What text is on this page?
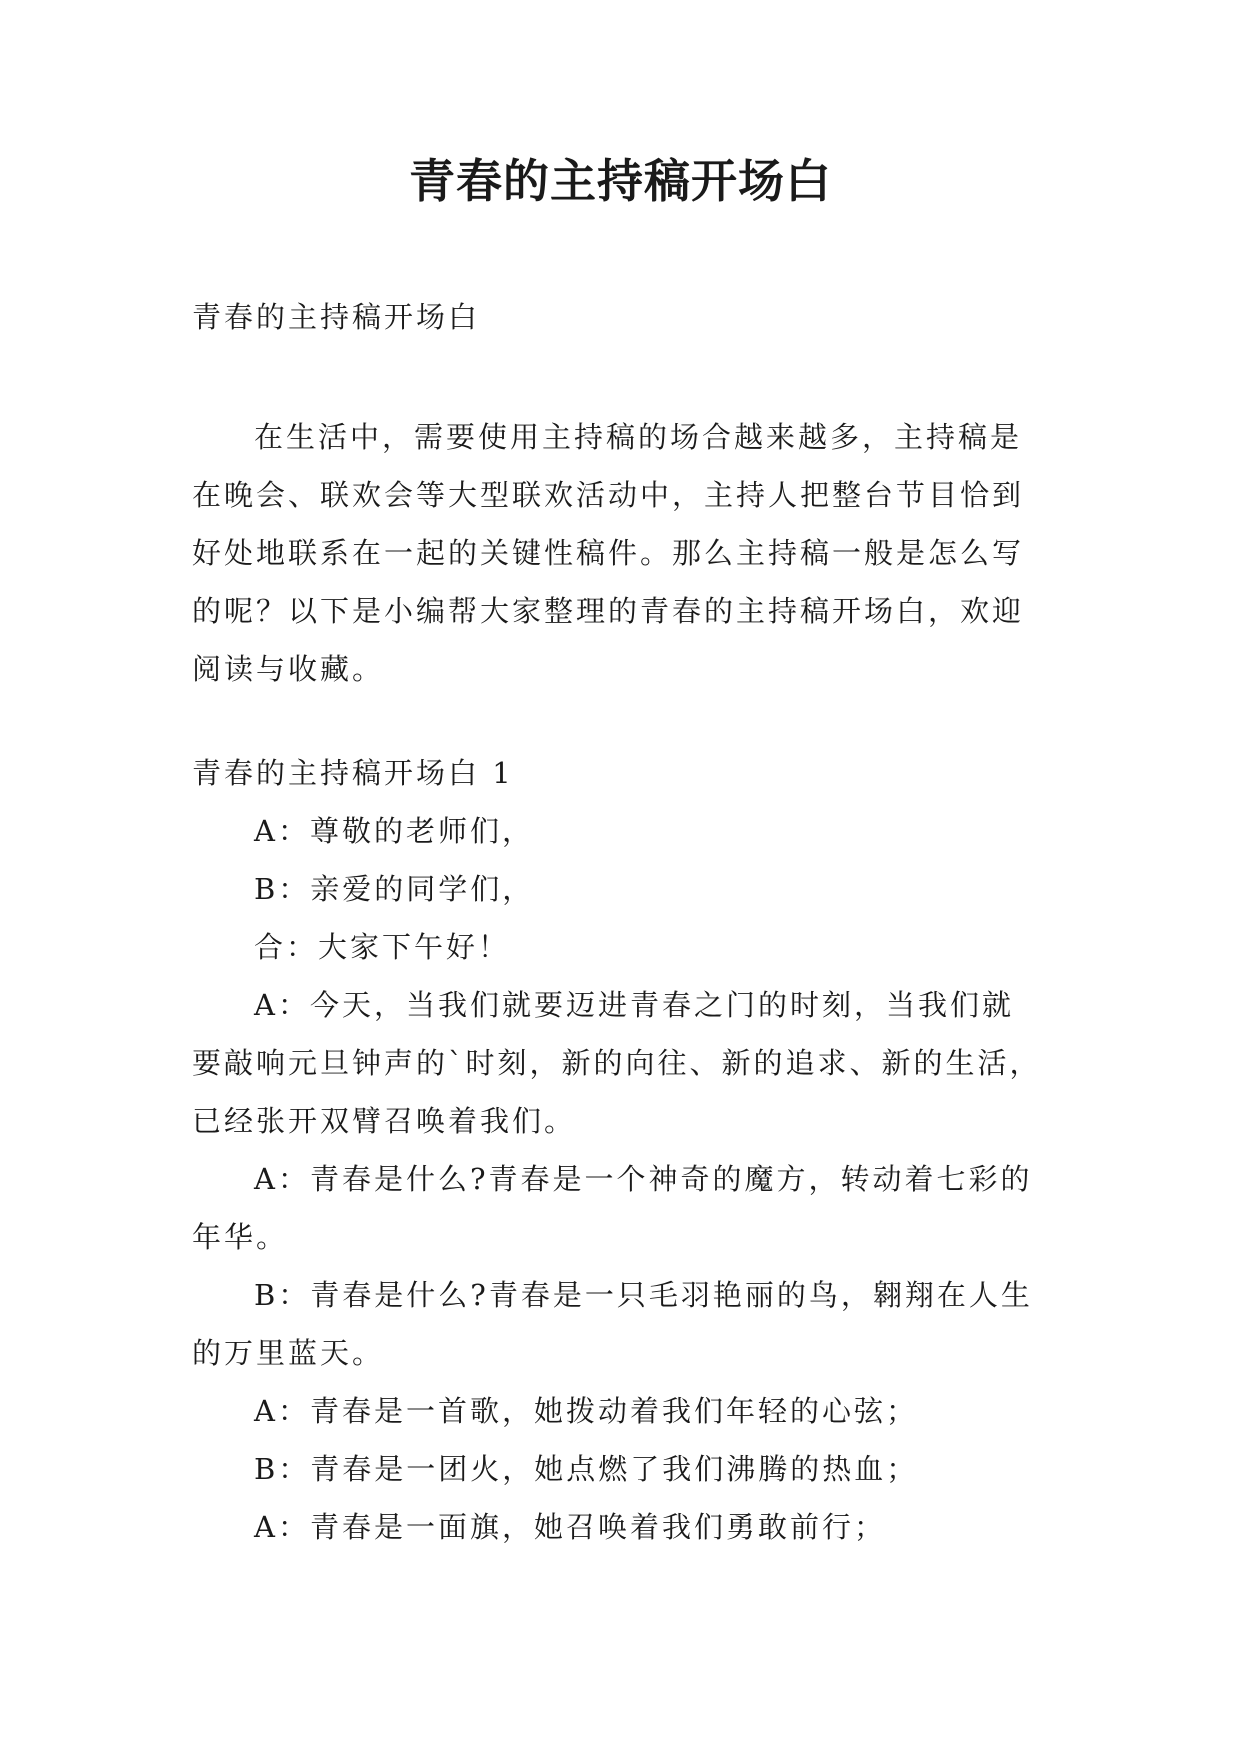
青春的主持稿开场白
青春的主持稿开场白
在生活中，需要使用主持稿的场合越来越多，主持稿是
在晚会、联欢会等大型联欢活动中，主持人把整台节目恰到
好处地联系在一起的关键性稿件。那么主持稿一般是怎么写
的呢？以下是小编帮大家整理的青春的主持稿开场白，欢迎
阅读与收藏。
青春的主持稿开场白 1
A：尊敬的老师们，
B：亲爱的同学们，
合：大家下午好！
A：今天，当我们就要迈进青春之门的时刻，当我们就
要敲响元旦钟声的`时刻，新的向往、新的追求、新的生活，
已经张开双臂召唤着我们。
A：青春是什么?青春是一个神奇的魔方，转动着七彩的
年华。
B：青春是什么?青春是一只毛羽艳丽的鸟，翱翔在人生
的万里蓝天。
A：青春是一首歌，她拨动着我们年轻的心弦；
B：青春是一团火，她点燃了我们沸腾的热血；
A：青春是一面旗，她召唤着我们勇敢前行；
